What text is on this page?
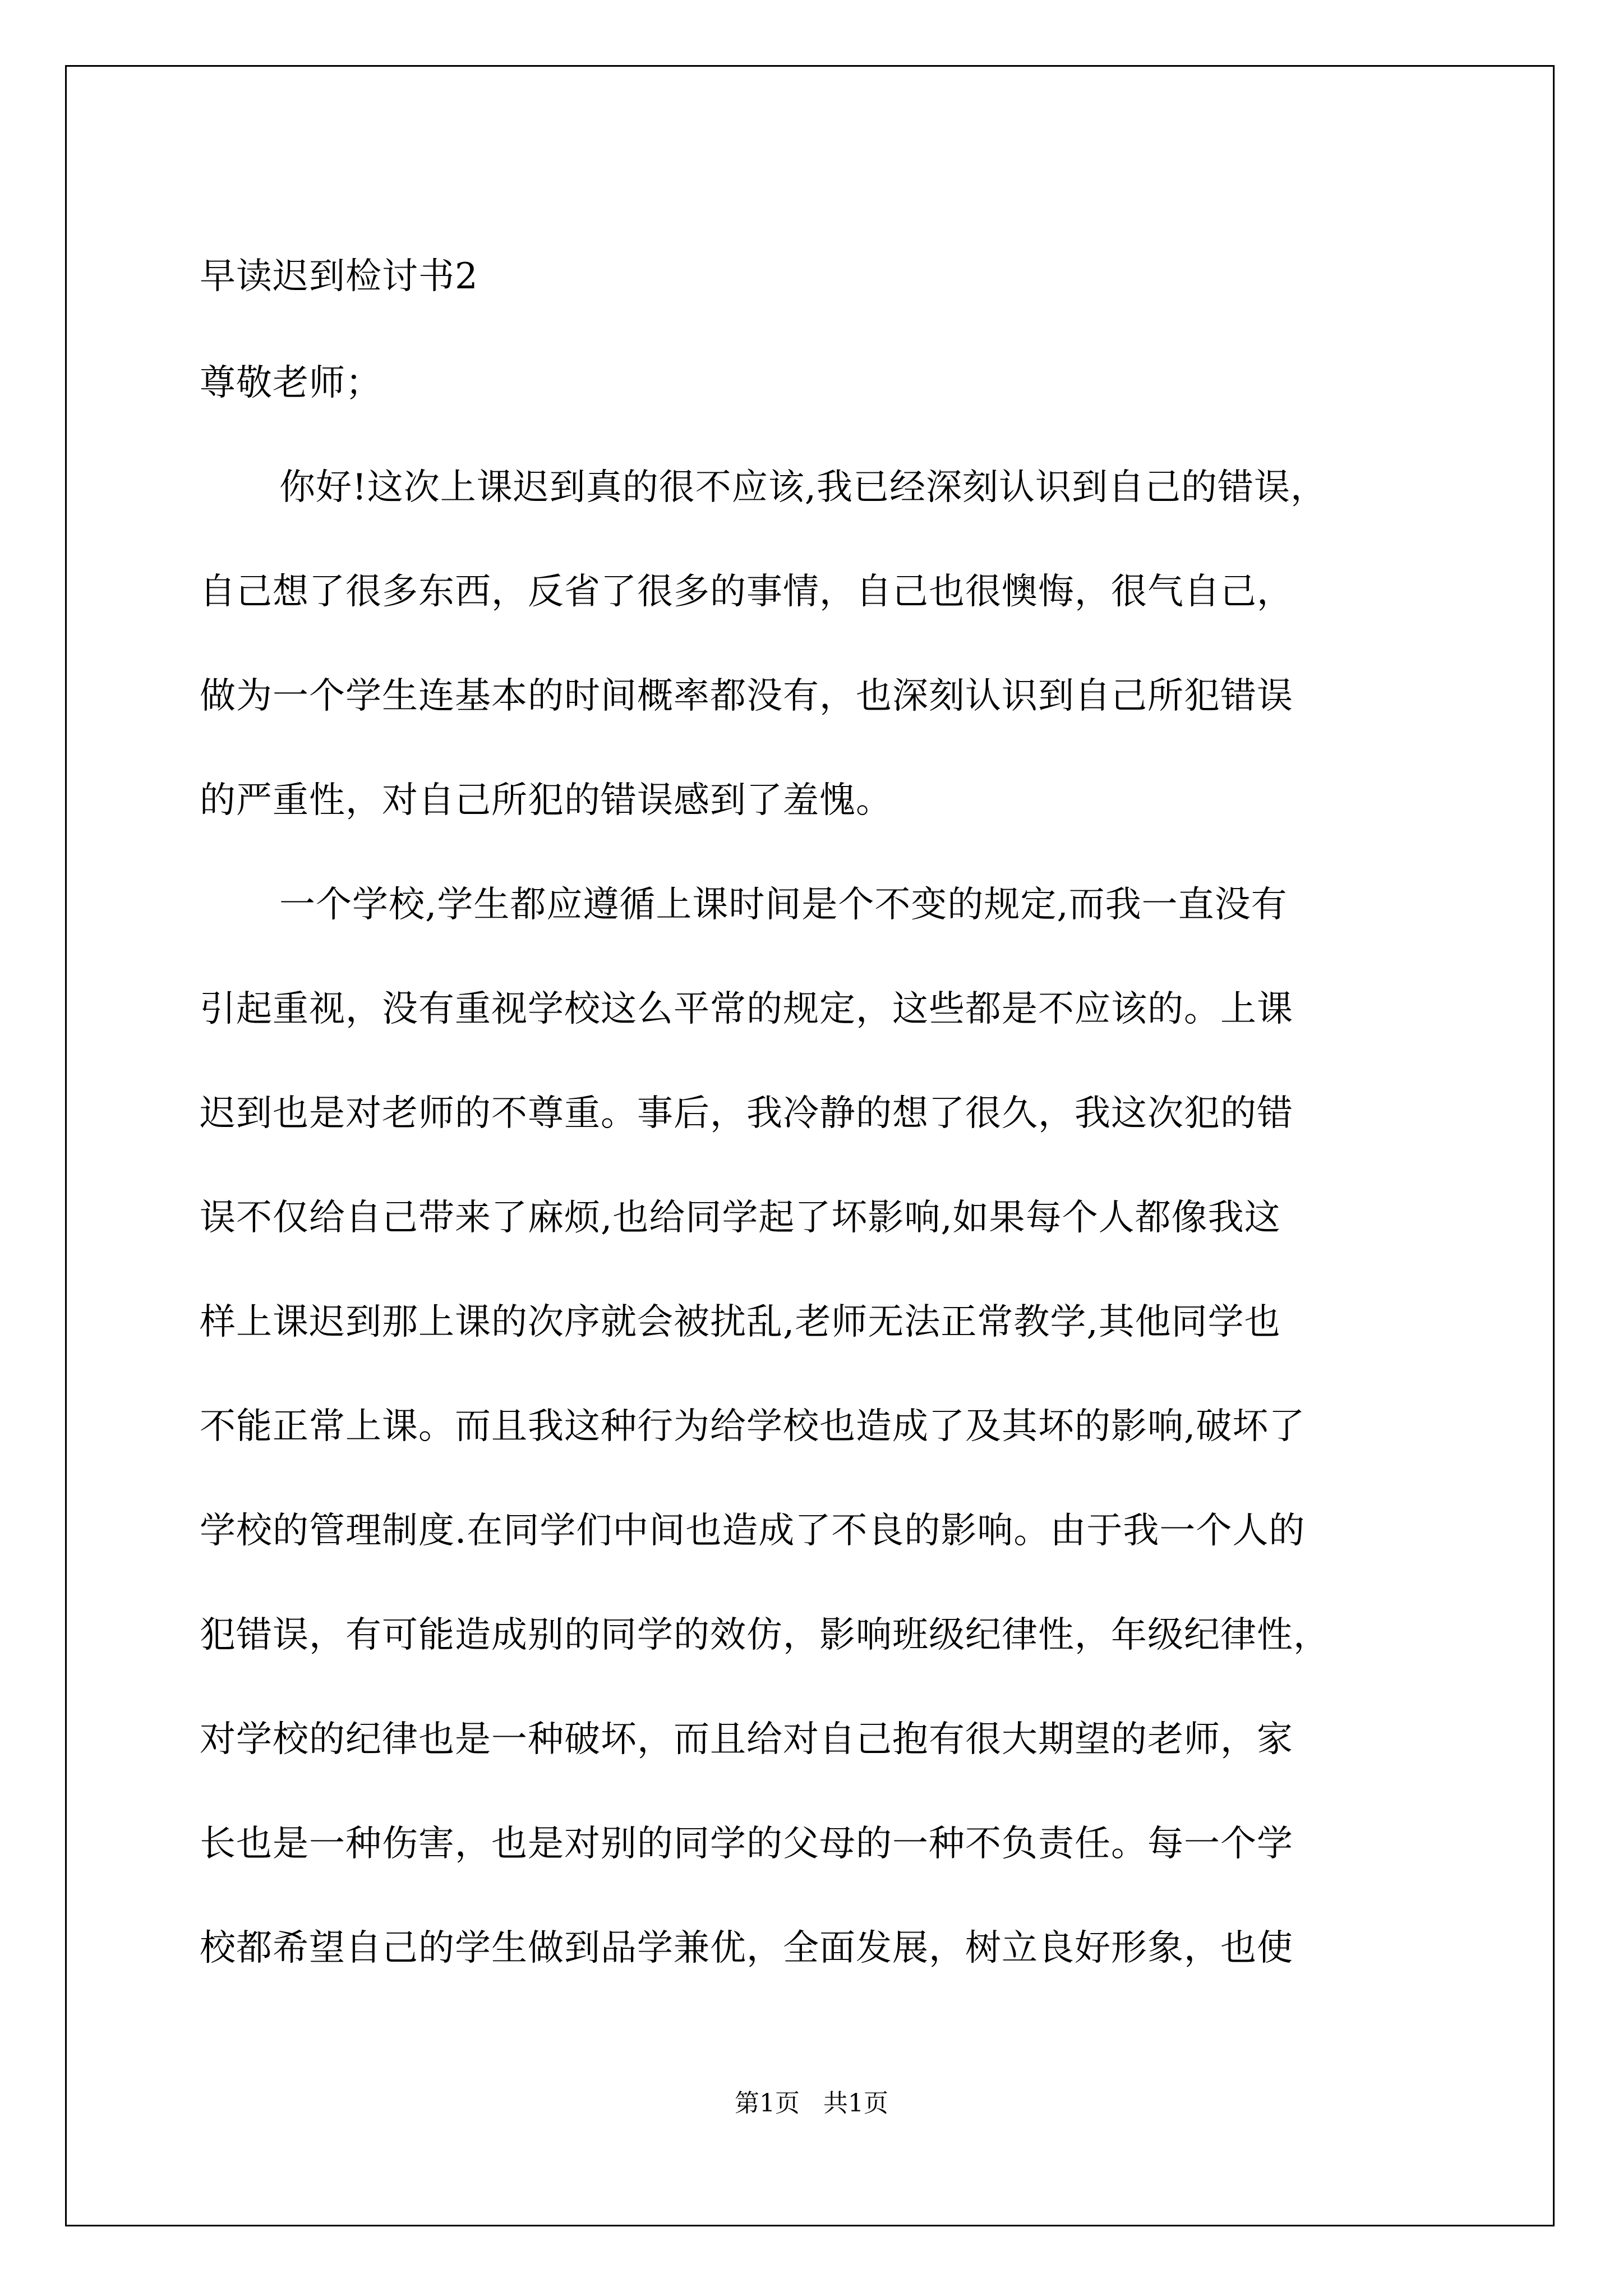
早读迟到检讨书2

尊敬老师；

你好!这次上课迟到真的很不应该,我已经深刻认识到自己的错误，

自己想了很多东西，反省了很多的事情，自己也很懊悔，很气自己，

做为一个学生连基本的时间概率都没有，也深刻认识到自己所犯错误

的严重性，对自己所犯的错误感到了羞愧。

一个学校,学生都应遵循上课时间是个不变的规定,而我一直没有

引起重视，没有重视学校这么平常的规定，这些都是不应该的。上课

迟到也是对老师的不尊重。事后，我冷静的想了很久，我这次犯的错

误不仅给自己带来了麻烦,也给同学起了坏影响,如果每个人都像我这

样上课迟到那上课的次序就会被扰乱,老师无法正常教学,其他同学也

不能正常上课。而且我这种行为给学校也造成了及其坏的影响,破坏了

学校的管理制度.在同学们中间也造成了不良的影响。由于我一个人的

犯错误，有可能造成别的同学的效仿，影响班级纪律性，年级纪律性，

对学校的纪律也是一种破坏，而且给对自己抱有很大期望的老师，家

长也是一种伤害，也是对别的同学的父母的一种不负责任。每一个学

校都希望自己的学生做到品学兼优，全面发展，树立良好形象，也使

第1页   共1页
